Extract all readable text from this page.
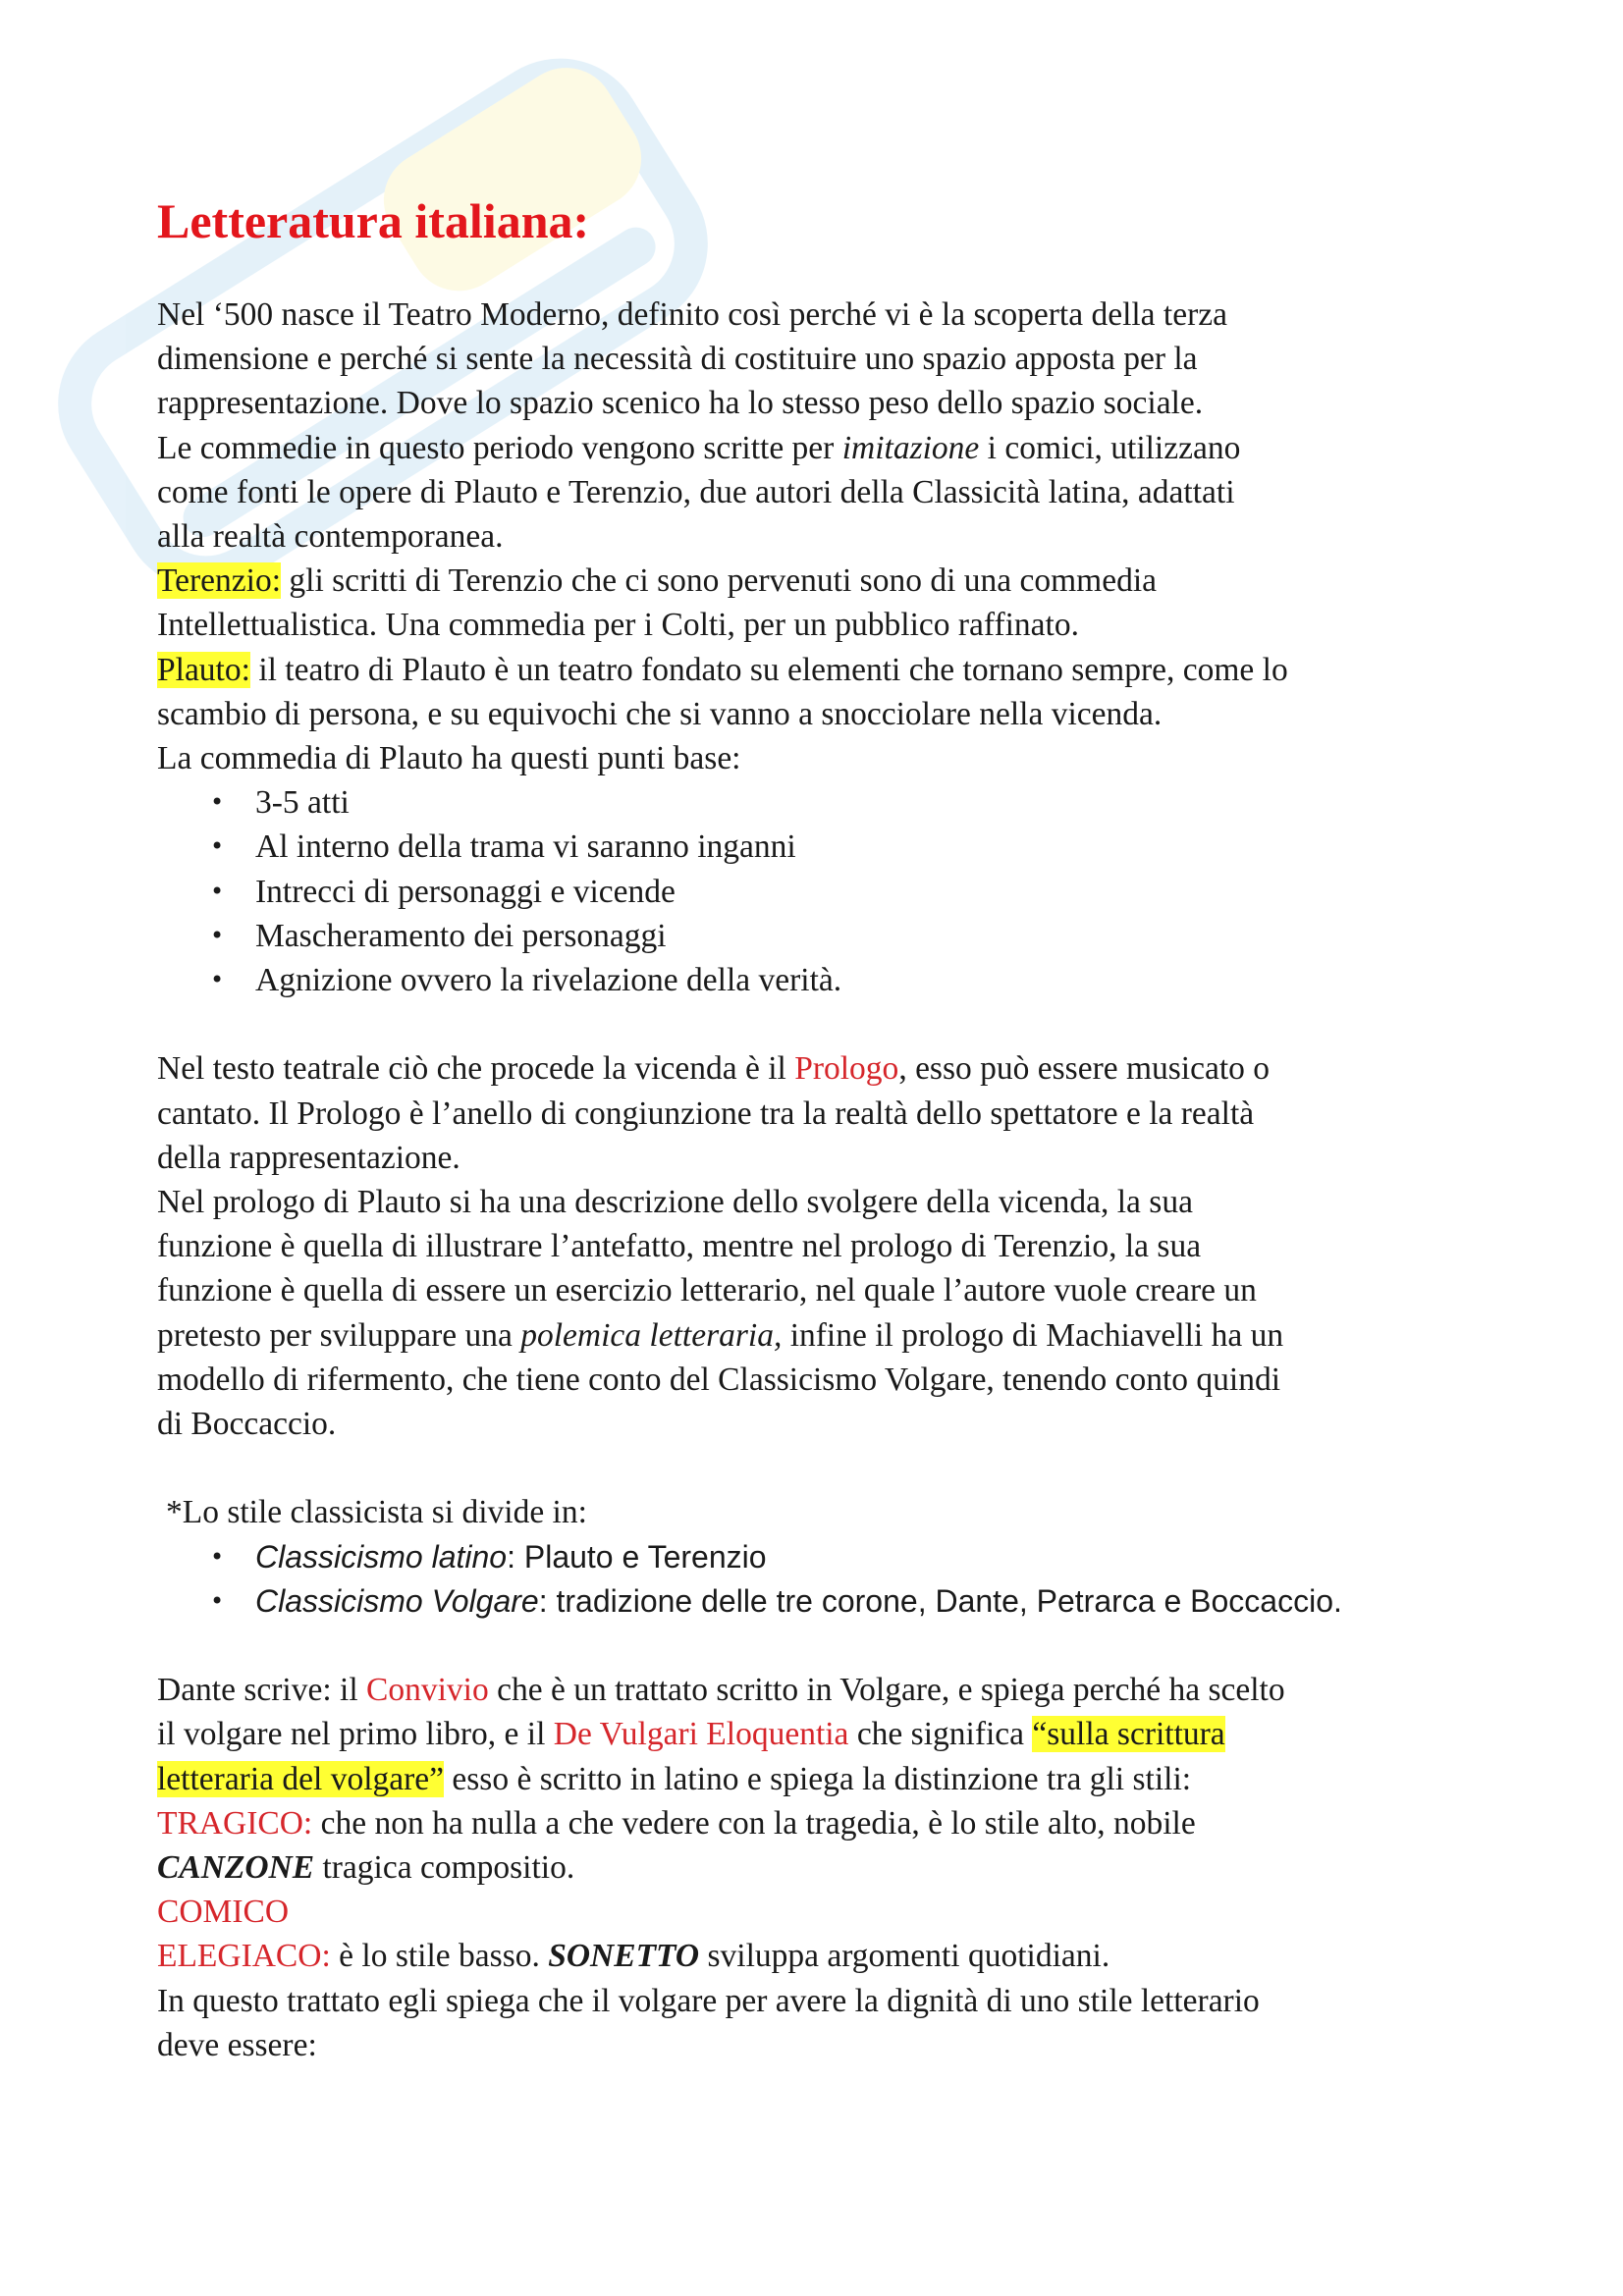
Letteratura italiana:

Nel ‘500 nasce il Teatro Moderno, definito così perché vi è la scoperta della terza

dimensione e perché si sente la necessità di costituire uno spazio apposta per la

rappresentazione. Dove lo spazio scenico ha lo stesso peso dello spazio sociale.

Le commedie in questo periodo vengono scritte per imitazione i comici, utilizzano

come fonti le opere di Plauto e Terenzio, due autori della Classicità latina, adattati

alla realtà contemporanea.

Terenzio: gli scritti di Terenzio che ci sono pervenuti sono di una commedia

Intellettualistica. Una commedia per i Colti, per un pubblico raffinato.

Plauto: il teatro di Plauto è un teatro fondato su elementi che tornano sempre, come lo

scambio di persona, e su equivochi che si vanno a snocciolare nella vicenda.

La commedia di Plauto ha questi punti base:

• 3-5 atti
• Al interno della trama vi saranno inganni
• Intrecci di personaggi e vicende
• Mascheramento dei personaggi
• Agnizione ovvero la rivelazione della verità.

Nel testo teatrale ciò che procede la vicenda è il Prologo, esso può essere musicato o

cantato. Il Prologo è l’anello di congiunzione tra la realtà dello spettatore e la realtà

della rappresentazione.

Nel prologo di Plauto si ha una descrizione dello svolgere della vicenda, la sua

funzione è quella di illustrare l’antefatto, mentre nel prologo di Terenzio, la sua

funzione è quella di essere un esercizio letterario, nel quale l’autore vuole creare un

pretesto per sviluppare una polemica letteraria, infine il prologo di Machiavelli ha un

modello di rifermento, che tiene conto del Classicismo Volgare, tenendo conto quindi

di Boccaccio.

*Lo stile classicista si divide in:

• Classicismo latino: Plauto e Terenzio
• Classicismo Volgare: tradizione delle tre corone, Dante, Petrarca e Boccaccio.

Dante scrive: il Convivio che è un trattato scritto in Volgare, e spiega perché ha scelto

il volgare nel primo libro, e il De Vulgari Eloquentia che significa “sulla scrittura

letteraria del volgare” esso è scritto in latino e spiega la distinzione tra gli stili:

TRAGICO: che non ha nulla a che vedere con la tragedia, è lo stile alto, nobile

CANZONE tragica compositio.

COMICO

ELEGIACO: è lo stile basso. SONETTO sviluppa argomenti quotidiani.

In questo trattato egli spiega che il volgare per avere la dignità di uno stile letterario

deve essere:
